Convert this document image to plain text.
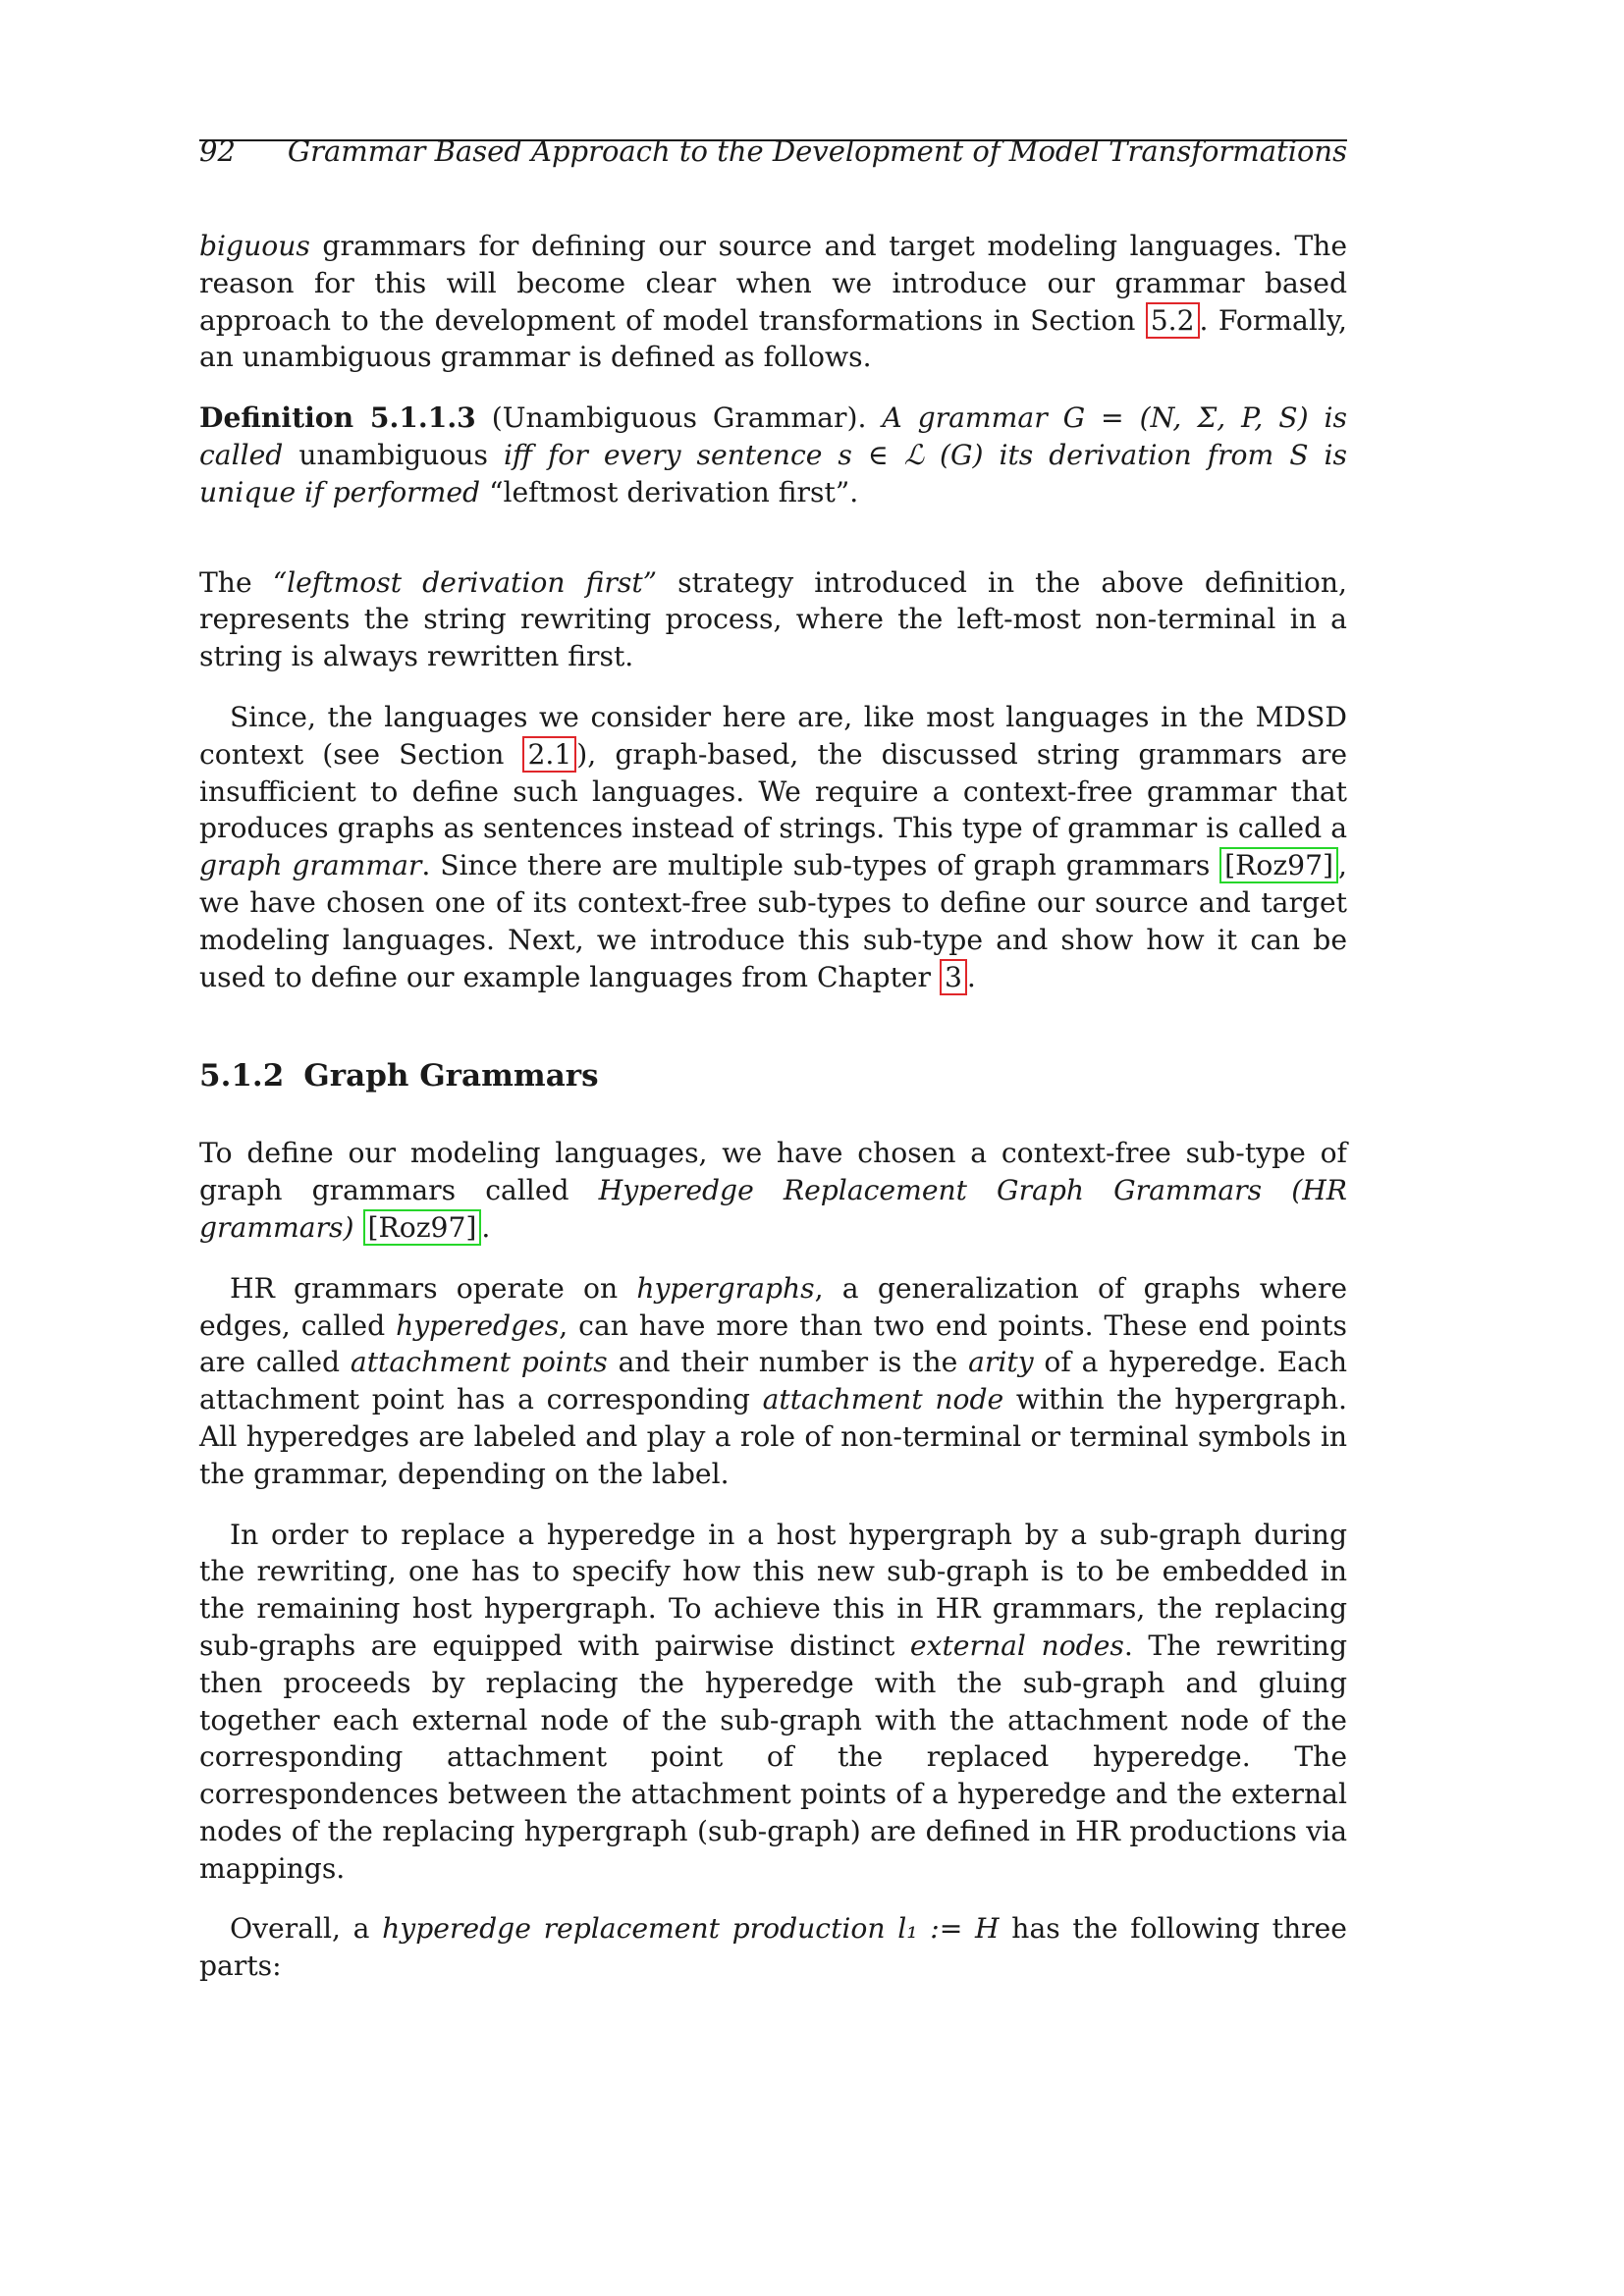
92 Grammar Based Approach to the Development of Model Transformations

biguous grammars for defining our source and target modeling languages. The reason for this will become clear when we introduce our grammar based approach to the development of model transformations in Section 5.2 . Formally, an unambiguous grammar is defined as follows.

Definition 5.1.1.3 (Unambiguous Grammar). A grammar G = (N, Σ, P, S) is called unambiguous iff for every sentence s ∈ ℒ (G) its derivation from S is unique if performed “leftmost derivation first”.

The “leftmost derivation first” strategy introduced in the above definition, represents the string rewriting process, where the left-most non-terminal in a string is always rewritten first.

Since, the languages we consider here are, like most languages in the MDSD context (see Section 2.1 ), graph-based, the discussed string grammars are insufficient to define such languages. We require a context-free grammar that produces graphs as sentences instead of strings. This type of grammar is called a graph grammar. Since there are multiple sub-types of graph grammars [Roz97] , we have chosen one of its context-free sub-types to define our source and target modeling languages. Next, we introduce this sub-type and show how it can be used to define our example languages from Chapter 3 .

5.1.2 Graph Grammars

To define our modeling languages, we have chosen a context-free sub-type of graph grammars called Hyperedge Replacement Graph Grammars (HR grammars) [Roz97] .

HR grammars operate on hypergraphs, a generalization of graphs where edges, called hyperedges, can have more than two end points. These end points are called attachment points and their number is the arity of a hyperedge. Each attachment point has a corresponding attachment node within the hypergraph. All hyperedges are labeled and play a role of non-terminal or terminal symbols in the grammar, depending on the label.

In order to replace a hyperedge in a host hypergraph by a sub-graph during the rewriting, one has to specify how this new sub-graph is to be embedded in the remaining host hypergraph. To achieve this in HR grammars, the replacing sub-graphs are equipped with pairwise distinct external nodes. The rewriting then proceeds by replacing the hyperedge with the sub-graph and gluing together each external node of the sub-graph with the attachment node of the corresponding attachment point of the replaced hyperedge. The correspondences between the attachment points of a hyperedge and the external nodes of the replacing hypergraph (sub-graph) are defined in HR productions via mappings.

Overall, a hyperedge replacement production l₁ := H has the following three parts:
